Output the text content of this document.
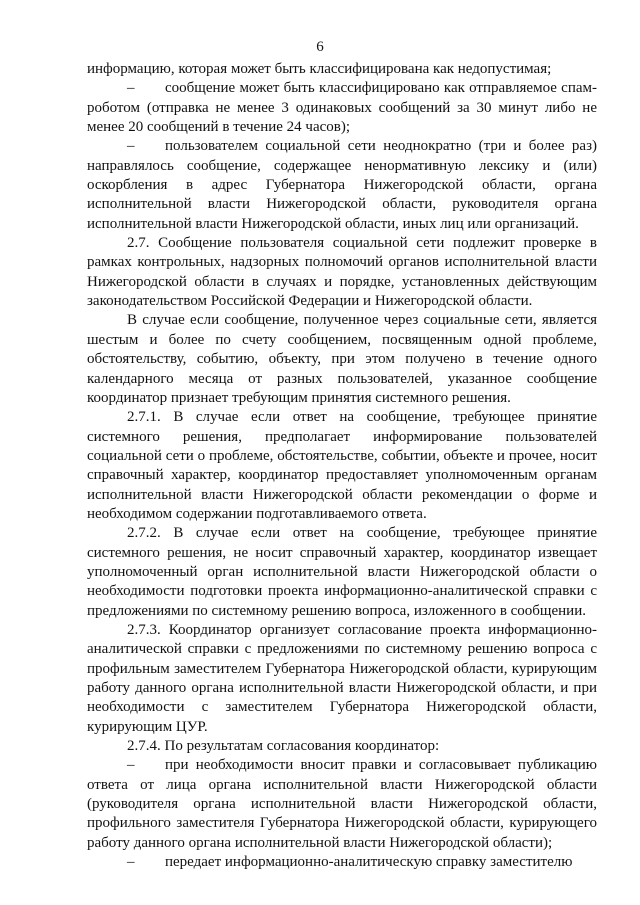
6

информацию, которая может быть классифицирована как недопустимая;

– сообщение может быть классифицировано как отправляемое спам-роботом (отправка не менее 3 одинаковых сообщений за 30 минут либо не менее 20 сообщений в течение 24 часов);

– пользователем социальной сети неоднократно (три и более раз) направлялось сообщение, содержащее ненормативную лексику и (или) оскорбления в адрес Губернатора Нижегородской области, органа исполнительной власти Нижегородской области, руководителя органа исполнительной власти Нижегородской области, иных лиц или организаций.

2.7. Сообщение пользователя социальной сети подлежит проверке в рамках контрольных, надзорных полномочий органов исполнительной власти Нижегородской области в случаях и порядке, установленных действующим законодательством Российской Федерации и Нижегородской области.

В случае если сообщение, полученное через социальные сети, является шестым и более по счету сообщением, посвященным одной проблеме, обстоятельству, событию, объекту, при этом получено в течение одного календарного месяца от разных пользователей, указанное сообщение координатор признает требующим принятия системного решения.

2.7.1. В случае если ответ на сообщение, требующее принятие системного решения, предполагает информирование пользователей социальной сети о проблеме, обстоятельстве, событии, объекте и прочее, носит справочный характер, координатор предоставляет уполномоченным органам исполнительной власти Нижегородской области рекомендации о форме и необходимом содержании подготавливаемого ответа.

2.7.2. В случае если ответ на сообщение, требующее принятие системного решения, не носит справочный характер, координатор извещает уполномоченный орган исполнительной власти Нижегородской области о необходимости подготовки проекта информационно-аналитической справки с предложениями по системному решению вопроса, изложенного в сообщении.

2.7.3. Координатор организует согласование проекта информационно-аналитической справки с предложениями по системному решению вопроса с профильным заместителем Губернатора Нижегородской области, курирующим работу данного органа исполнительной власти Нижегородской области, и при необходимости с заместителем Губернатора Нижегородской области, курирующим ЦУР.

2.7.4. По результатам согласования координатор:

– при необходимости вносит правки и согласовывает публикацию ответа от лица органа исполнительной власти Нижегородской области (руководителя органа исполнительной власти Нижегородской области, профильного заместителя Губернатора Нижегородской области, курирующего работу данного органа исполнительной власти Нижегородской области);

– передает информационно-аналитическую справку заместителю
